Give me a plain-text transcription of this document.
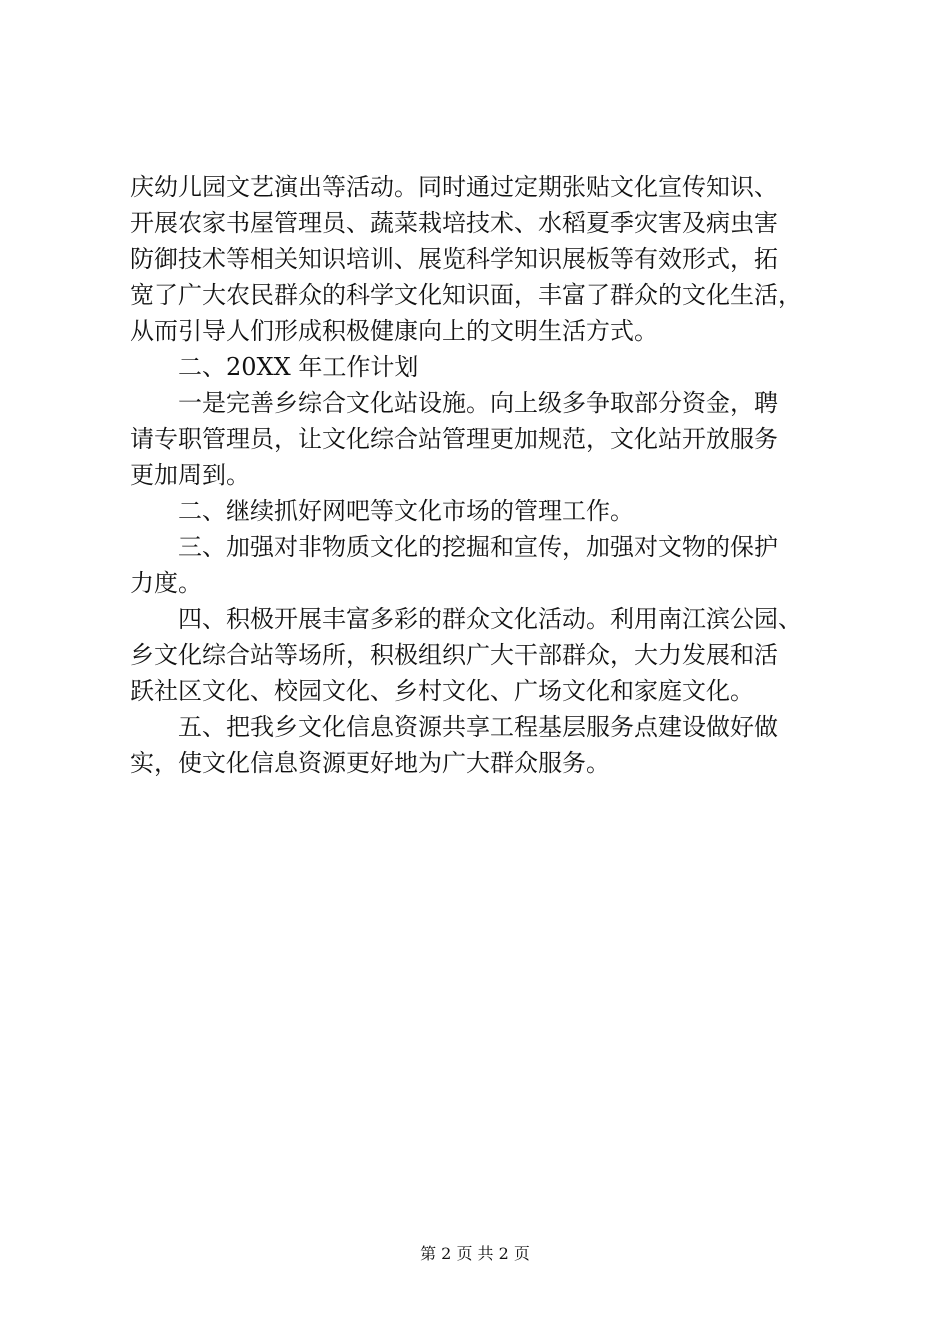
庆幼儿园文艺演出等活动。同时通过定期张贴文化宣传知识、
开展农家书屋管理员、蔬菜栽培技术、水稻夏季灾害及病虫害
防御技术等相关知识培训、展览科学知识展板等有效形式，拓
宽了广大农民群众的科学文化知识面，丰富了群众的文化生活，
从而引导人们形成积极健康向上的文明生活方式。
二、20XX 年工作计划
一是完善乡综合文化站设施。向上级多争取部分资金，聘
请专职管理员，让文化综合站管理更加规范，文化站开放服务
更加周到。
二、继续抓好网吧等文化市场的管理工作。
三、加强对非物质文化的挖掘和宣传，加强对文物的保护
力度。
四、积极开展丰富多彩的群众文化活动。利用南江滨公园、
乡文化综合站等场所，积极组织广大干部群众，大力发展和活
跃社区文化、校园文化、乡村文化、广场文化和家庭文化。
五、把我乡文化信息资源共享工程基层服务点建设做好做
实，使文化信息资源更好地为广大群众服务。
第 2 页 共 2 页
